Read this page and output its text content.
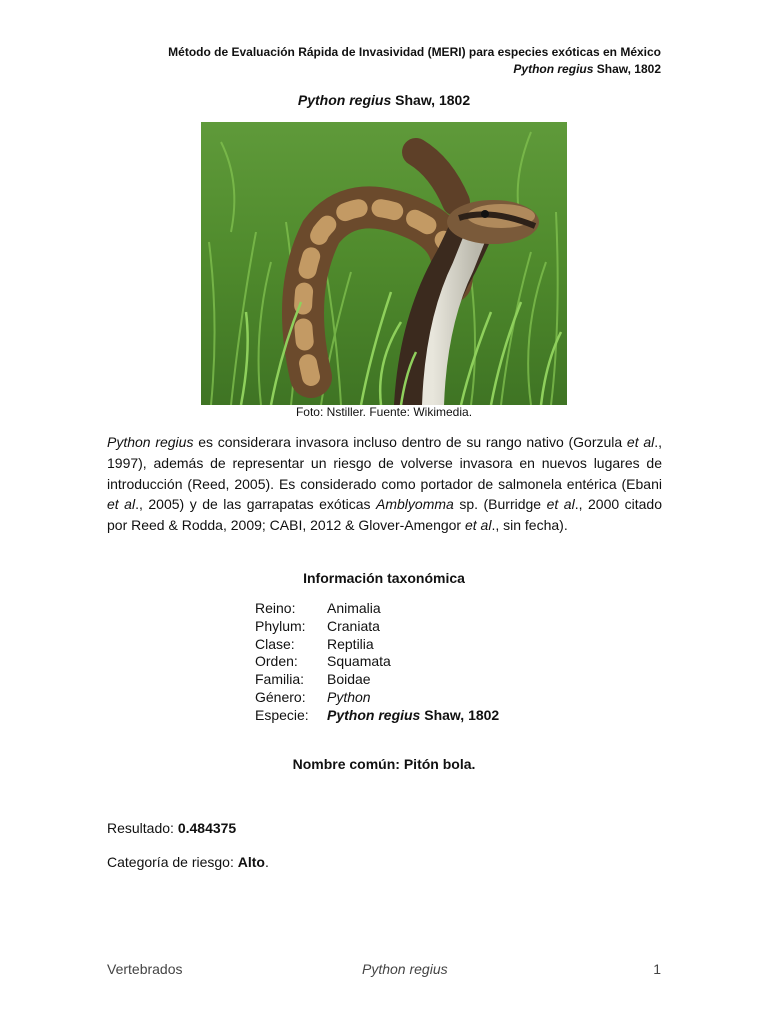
Método de Evaluación Rápida de Invasividad (MERI) para especies exóticas en México
Python regius Shaw, 1802
Python regius Shaw, 1802
Foto: Nstiller. Fuente: Wikimedia.
Python regius es considerara invasora incluso dentro de su rango nativo (Gorzula et al., 1997), además de representar un riesgo de volverse invasora en nuevos lugares de introducción (Reed, 2005). Es considerado como portador de salmonela entérica (Ebani et al., 2005) y de las garrapatas exóticas Amblyomma sp. (Burridge et al., 2000 citado por Reed & Rodda, 2009; CABI, 2012 & Glover-Amengor et al., sin fecha).
Información taxonómica
Reino:	Animalia
Phylum:	Craniata
Clase:	Reptilia
Orden:	Squamata
Familia:	Boidae
Género:	Python
Especie:	Python regius Shaw, 1802
Nombre común: Pitón bola.
Resultado: 0.484375
Categoría de riesgo: Alto.
Vertebrados	Python regius	1
